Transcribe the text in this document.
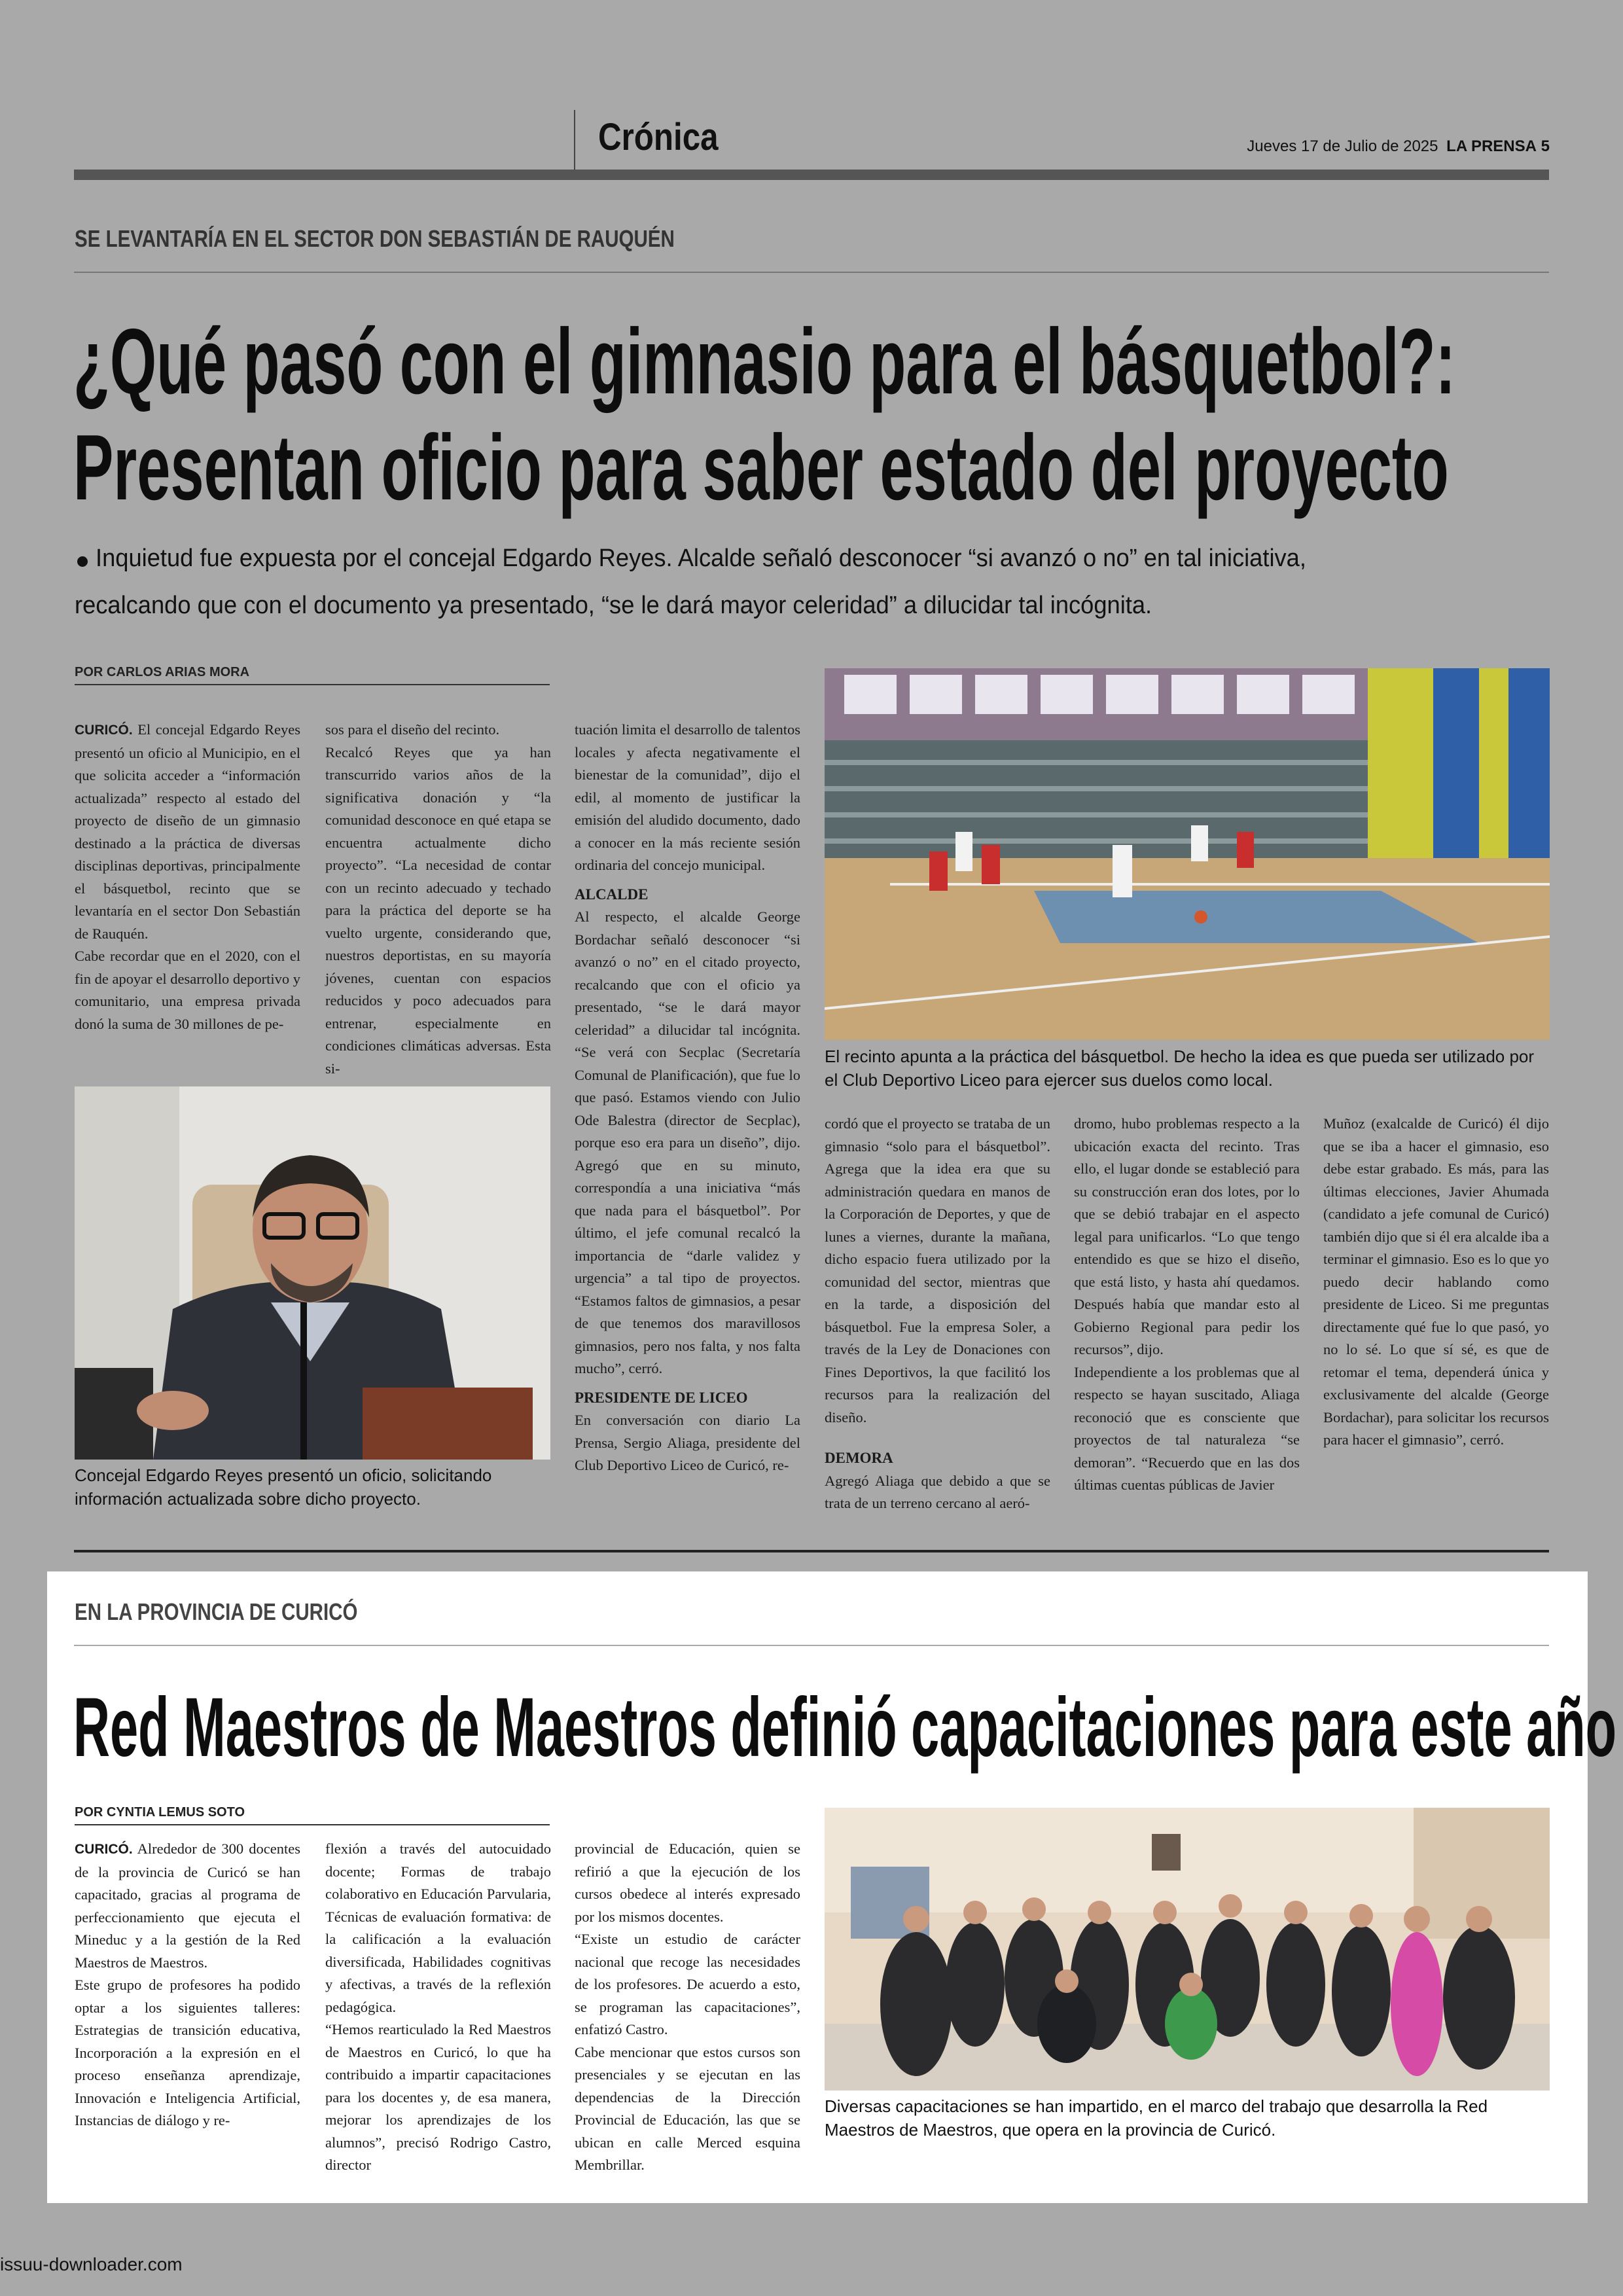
Crónica	Jueves 17 de Julio de 2025 LA PRENSA 5
SE LEVANTARÍA EN EL SECTOR DON SEBASTIÁN DE RAUQUÉN
¿Qué pasó con el gimnasio para el básquetbol?:
Presentan oficio para saber estado del proyecto
Inquietud fue expuesta por el concejal Edgardo Reyes. Alcalde señaló desconocer “si avanzó o no” en tal iniciativa,
recalcando que con el documento ya presentado, “se le dará mayor celeridad” a dilucidar tal incógnita.
POR CARLOS ARIAS MORA

CURICÓ. El concejal Edgardo Reyes presentó un oficio al Municipio, en el que solicita acceder a “información actualizada” respecto al estado del proyecto de diseño de un gimnasio destinado a la práctica de diversas disciplinas deportivas, principalmente el básquetbol, recinto que se levantaría en el sector Don Sebastián de Rauquén.

Cabe recordar que en el 2020, con el fin de apoyar el desarrollo deportivo y comunitario, una empresa privada donó la suma de 30 millones de pe-

sos para el diseño del recinto.

Recalcó Reyes que ya han transcurrido varios años de la significativa donación y “la comunidad desconoce en qué etapa se encuentra actualmente dicho proyecto”. “La necesidad de contar con un recinto adecuado y techado para la práctica del deporte se ha vuelto urgente, considerando que, nuestros deportistas, en su mayoría jóvenes, cuentan con espacios reducidos y poco adecuados para entrenar, especialmente en condiciones climáticas adversas. Esta si-

Concejal Edgardo Reyes presentó un oficio, solicitando información actualizada sobre dicho proyecto.

tuación limita el desarrollo de talentos locales y afecta negativamente el bienestar de la comunidad”, dijo el edil, al momento de justificar la emisión del aludido documento, dado a conocer en la más reciente sesión ordinaria del concejo municipal.

ALCALDE

Al respecto, el alcalde George Bordachar señaló desconocer “si avanzó o no” en el citado proyecto, recalcando que con el oficio ya presentado, “se le dará mayor celeridad” a dilucidar tal incógnita. “Se verá con Secplac (Secretaría Comunal de Planificación), que fue lo que pasó. Estamos viendo con Julio Ode Balestra (director de Secplac), porque eso era para un diseño”, dijo. Agregó que en su minuto, correspondía a una iniciativa “más que nada para el básquetbol”. Por último, el jefe comunal recalcó la importancia de “darle validez y urgencia” a tal tipo de proyectos. “Estamos faltos de gimnasios, a pesar de que tenemos dos maravillosos gimnasios, pero nos falta, y nos falta mucho”, cerró.

PRESIDENTE DE LICEO

En conversación con diario La Prensa, Sergio Aliaga, presidente del Club Deportivo Liceo de Curicó, re-

El recinto apunta a la práctica del básquetbol. De hecho la idea es que pueda ser utilizado por el Club Deportivo Liceo para ejercer sus duelos como local.

cordó que el proyecto se trataba de un gimnasio “solo para el básquetbol”. Agrega que la idea era que su administración quedara en manos de la Corporación de Deportes, y que de lunes a viernes, durante la mañana, dicho espacio fuera utilizado por la comunidad del sector, mientras que en la tarde, a disposición del básquetbol. Fue la empresa Soler, a través de la Ley de Donaciones con Fines Deportivos, la que facilitó los recursos para la realización del diseño.

DEMORA

Agregó Aliaga que debido a que se trata de un terreno cercano al aeró-

dromo, hubo problemas respecto a la ubicación exacta del recinto. Tras ello, el lugar donde se estableció para su construcción eran dos lotes, por lo que se debió trabajar en el aspecto legal para unificarlos. “Lo que tengo entendido es que se hizo el diseño, que está listo, y hasta ahí quedamos. Después había que mandar esto al Gobierno Regional para pedir los recursos”, dijo.

Independiente a los problemas que al respecto se hayan suscitado, Aliaga reconoció que es consciente que proyectos de tal naturaleza “se demoran”. “Recuerdo que en las dos últimas cuentas públicas de Javier

Muñoz (exalcalde de Curicó) él dijo que se iba a hacer el gimnasio, eso debe estar grabado. Es más, para las últimas elecciones, Javier Ahumada (candidato a jefe comunal de Curicó) también dijo que si él era alcalde iba a terminar el gimnasio. Eso es lo que yo puedo decir hablando como presidente de Liceo. Si me preguntas directamente qué fue lo que pasó, yo no lo sé. Lo que sí sé, es que de retomar el tema, dependerá única y exclusivamente del alcalde (George Bordachar), para solicitar los recursos para hacer el gimnasio”, cerró.

EN LA PROVINCIA DE CURICÓ
Red Maestros de Maestros definió capacitaciones para este año
POR CYNTIA LEMUS SOTO

CURICÓ. Alrededor de 300 docentes de la provincia de Curicó se han capacitado, gracias al programa de perfeccionamiento que ejecuta el Mineduc y a la gestión de la Red Maestros de Maestros.

Este grupo de profesores ha podido optar a los siguientes talleres: Estrategias de transición educativa, Incorporación a la expresión en el proceso enseñanza aprendizaje, Innovación e Inteligencia Artificial, Instancias de diálogo y re-

flexión a través del autocuidado docente; Formas de trabajo colaborativo en Educación Parvularia, Técnicas de evaluación formativa: de la calificación a la evaluación diversificada, Habilidades cognitivas y afectivas, a través de la reflexión pedagógica.

“Hemos rearticulado la Red Maestros de Maestros en Curicó, lo que ha contribuido a impartir capacitaciones para los docentes y, de esa manera, mejorar los aprendizajes de los alumnos”, precisó Rodrigo Castro, director

provincial de Educación, quien se refirió a que la ejecución de los cursos obedece al interés expresado por los mismos docentes.

“Existe un estudio de carácter nacional que recoge las necesidades de los profesores. De acuerdo a esto, se programan las capacitaciones”, enfatizó Castro.

Cabe mencionar que estos cursos son presenciales y se ejecutan en las dependencias de la Dirección Provincial de Educación, las que se ubican en calle Merced esquina Membrillar.

Diversas capacitaciones se han impartido, en el marco del trabajo que desarrolla la Red Maestros de Maestros, que opera en la provincia de Curicó.
issuu-downloader.com
